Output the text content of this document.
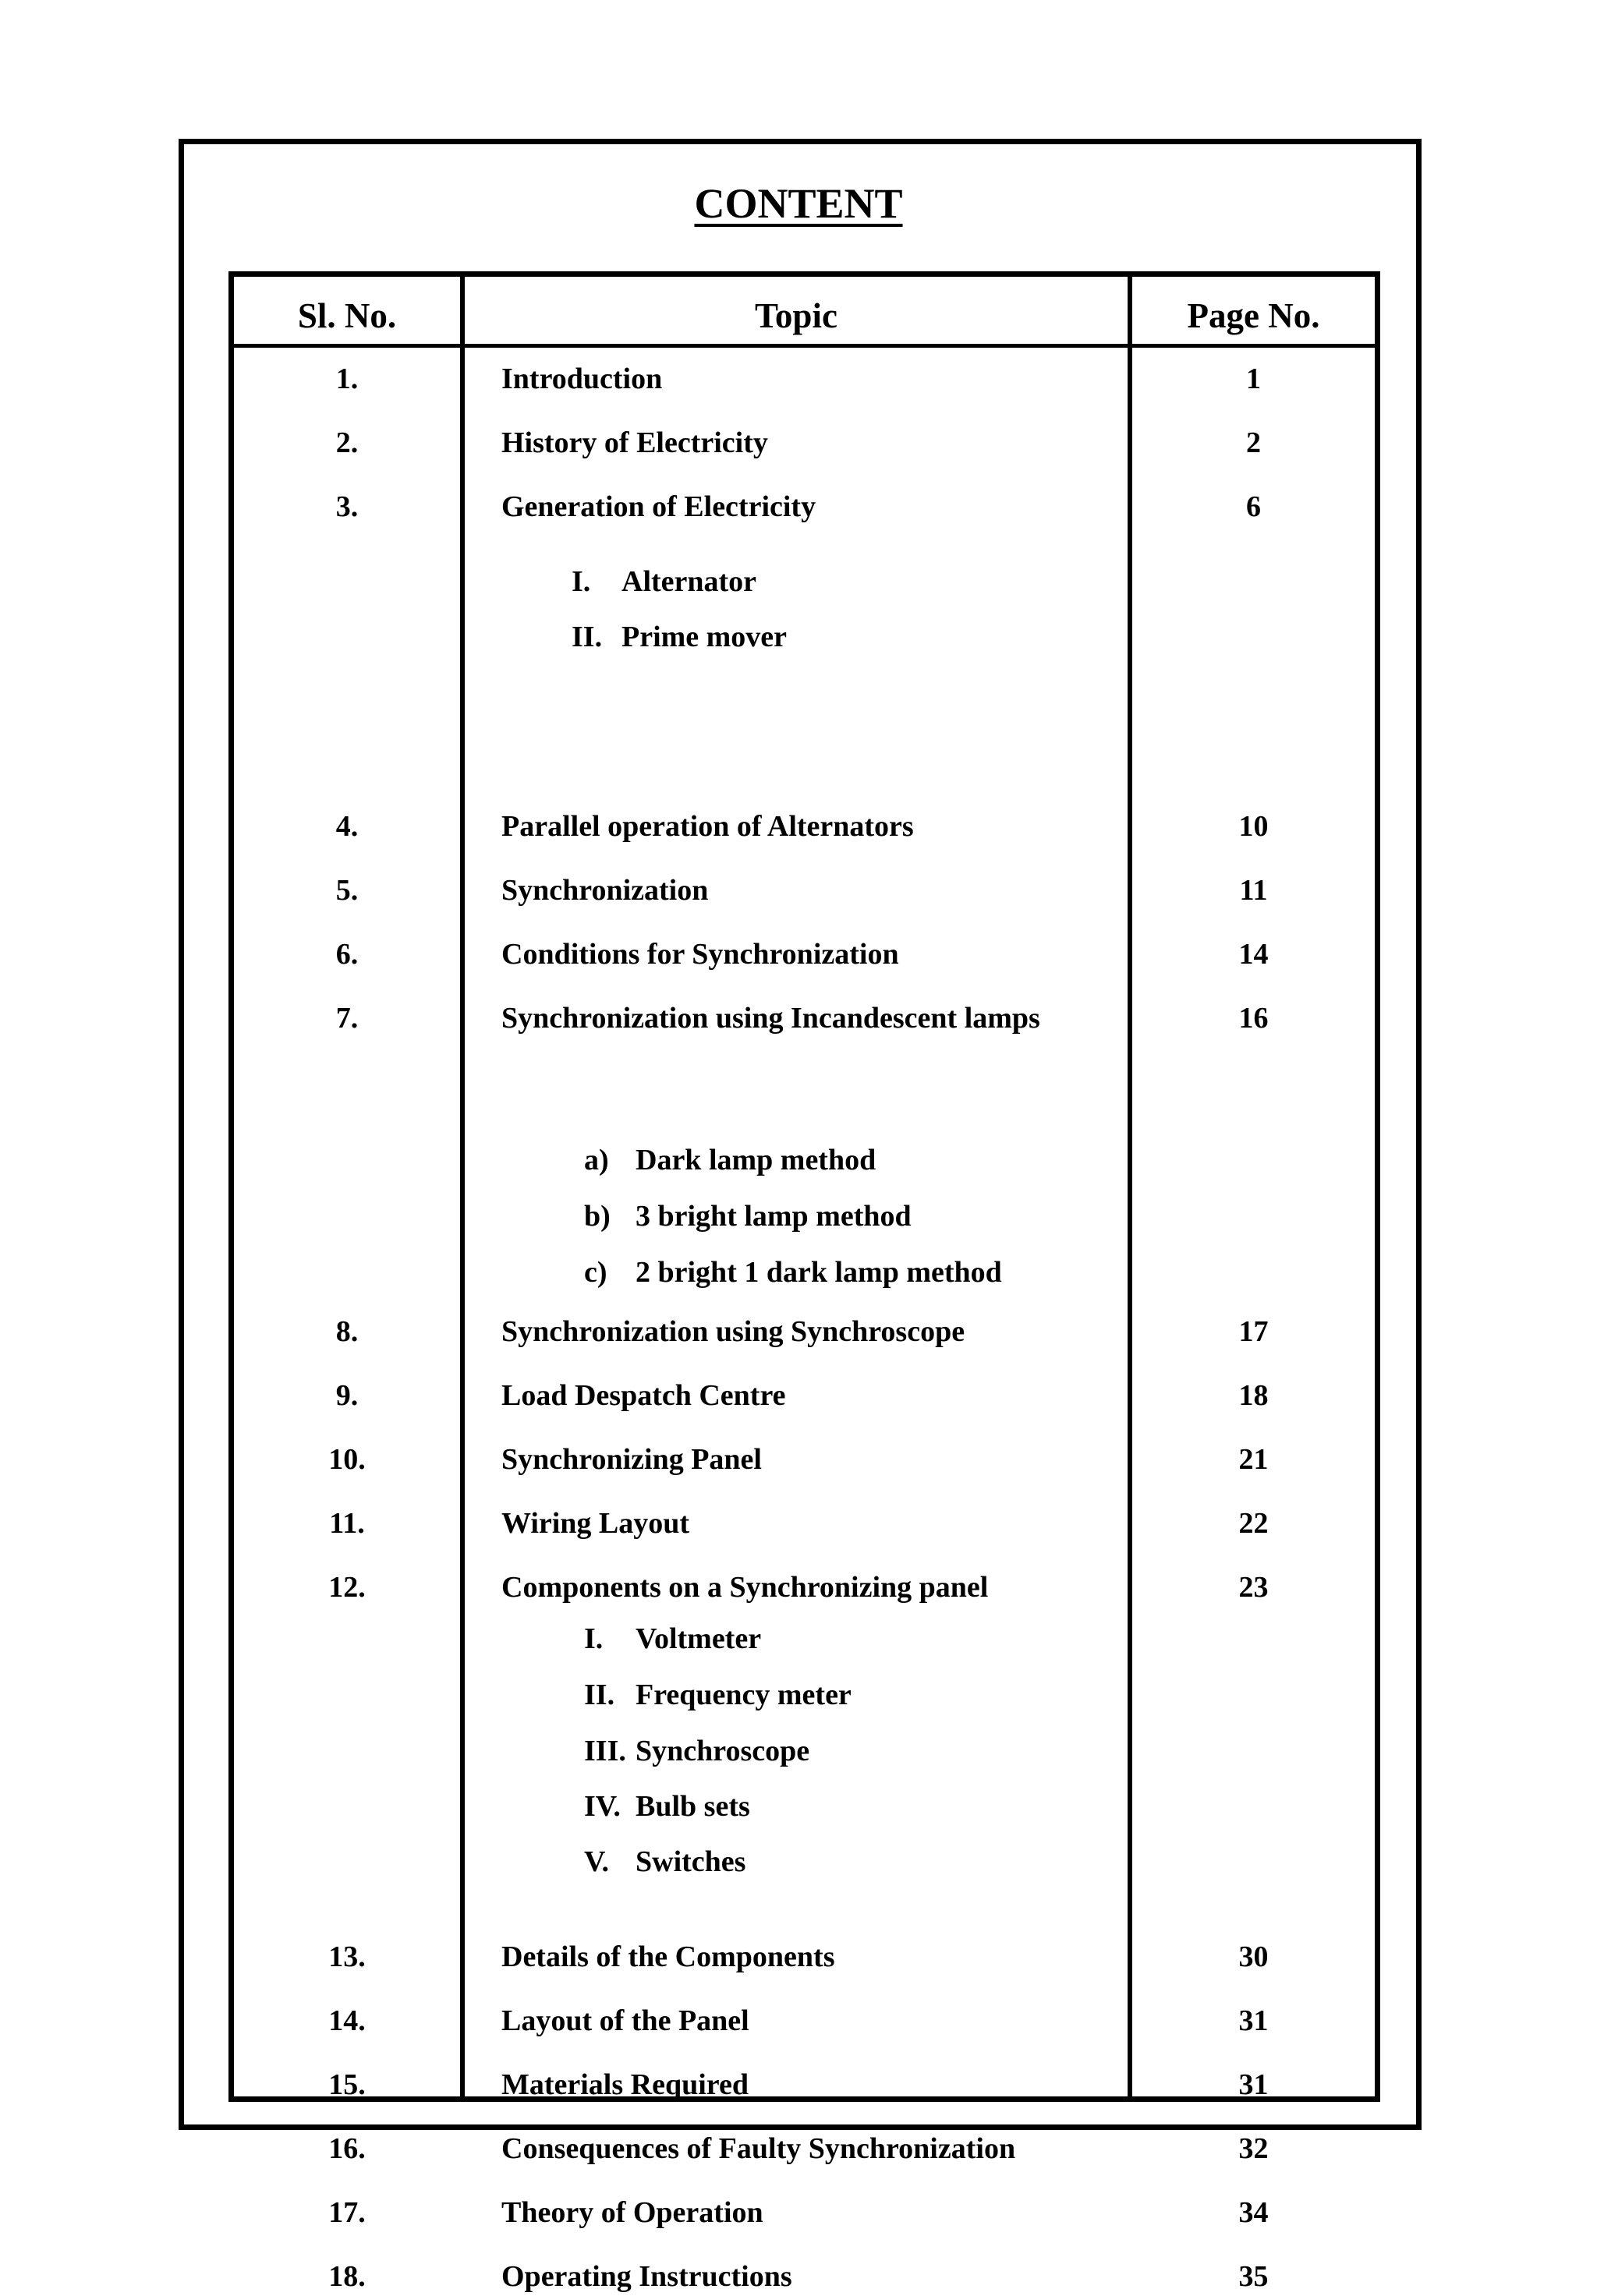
CONTENT
Sl. No.	Topic	Page No.
1.	Introduction	1
2.	History of Electricity	2
3.	Generation of Electricity	6
I. Alternator
II. Prime mover
4.	Parallel operation of Alternators	10
5.	Synchronization	11
6.	Conditions for Synchronization	14
7.	Synchronization using Incandescent lamps	16
a) Dark lamp method
b) 3 bright lamp method
c) 2 bright 1 dark lamp method
8.	Synchronization using Synchroscope	17
9.	Load Despatch Centre	18
10.	Synchronizing Panel	21
11.	Wiring Layout	22
12.	Components on a Synchronizing panel	23
I. Voltmeter
II. Frequency meter
III. Synchroscope
IV. Bulb sets
V. Switches
13.	Details of the Components	30
14.	Layout of the Panel	31
15.	Materials Required	31
16.	Consequences of Faulty Synchronization	32
17.	Theory of Operation	34
18.	Operating Instructions	35
